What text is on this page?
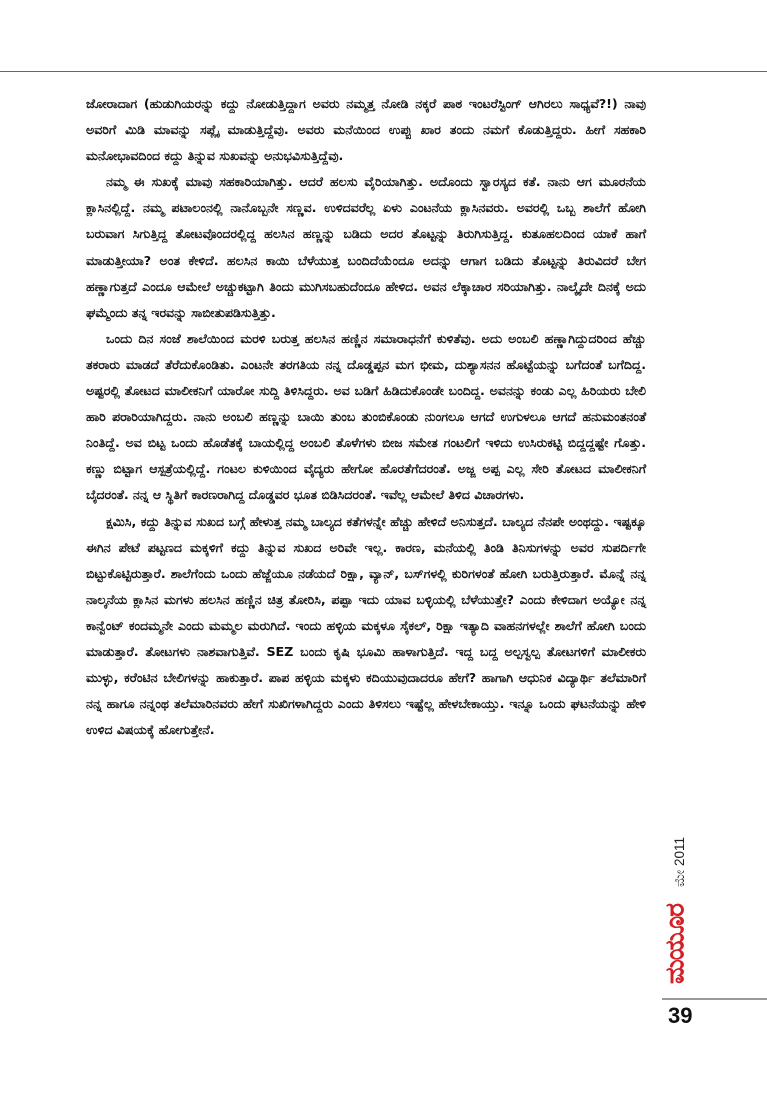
ಜೋರಾದಾಗ (ಹುಡುಗಿಯರನ್ನು ಕದ್ದು ನೋಡುತ್ತಿದ್ದಾಗ ಅವರು ನಮ್ಮತ್ತ ನೋಡಿ ನಕ್ಕರೆ ಪಾಠ ಇಂಟರೆಸ್ಟಿಂಗ್ ಆಗಿರಲು ಸಾಧ್ಯವೆ?!) ನಾವು ಅವರಿಗೆ ಮಿಡಿ ಮಾವನ್ನು ಸಪ್ಲೈ ಮಾಡುತ್ತಿದ್ದೆವು. ಅವರು ಮನೆಯಿಂದ ಉಪ್ಪು ಖಾರ ತಂದು ನಮಗೆ ಕೊಡುತ್ತಿದ್ದರು. ಹೀಗೆ ಸಹಕಾರಿ ಮನೋಭಾವದಿಂದ ಕದ್ದು ತಿನ್ನುವ ಸುಖವನ್ನು ಅನುಭವಿಸುತ್ತಿದ್ದೆವು.

ನಮ್ಮ ಈ ಸುಖಕ್ಕೆ ಮಾವು ಸಹಕಾರಿಯಾಗಿತ್ತು. ಆದರೆ ಹಲಸು ವೈರಿಯಾಗಿತ್ತು. ಅದೊಂದು ಸ್ವಾರಸ್ಯದ ಕತೆ. ನಾನು ಆಗ ಮೂರನೆಯ ಕ್ಲಾಸಿನಲ್ಲಿದ್ದೆ. ನಮ್ಮ ಪಟಾಲಂನಲ್ಲಿ ನಾನೊಬ್ಬನೇ ಸಣ್ಣವ. ಉಳಿದವರೆಲ್ಲ ಏಳು ಎಂಟನೆಯ ಕ್ಲಾಸಿನವರು. ಅವರಲ್ಲಿ ಒಬ್ಬ ಶಾಲೆಗೆ ಹೋಗಿ ಬರುವಾಗ ಸಿಗುತ್ತಿದ್ದ ತೋಟವೊಂದರಲ್ಲಿದ್ದ ಹಲಸಿನ ಹಣ್ಣನ್ನು ಬಡಿದು ಅದರ ತೊಟ್ಟನ್ನು ತಿರುಗಿಸುತ್ತಿದ್ದ. ಕುತೂಹಲದಿಂದ ಯಾಕೆ ಹಾಗೆ ಮಾಡುತ್ತೀಯಾ? ಅಂತ ಕೇಳಿದೆ. ಹಲಸಿನ ಕಾಯಿ ಬೆಳೆಯುತ್ತ ಬಂದಿದೆಯೆಂದೂ ಅದನ್ನು ಆಗಾಗ ಬಡಿದು ತೊಟ್ಟನ್ನು ತಿರುವಿದರೆ ಬೇಗ ಹಣ್ಣಾಗುತ್ತದೆ ಎಂದೂ ಆಮೇಲೆ ಅಚ್ಚುಕಟ್ಟಾಗಿ ತಿಂದು ಮುಗಿಸಬಹುದೆಂದೂ ಹೇಳಿದ. ಅವನ ಲೆಕ್ಕಾಚಾರ ಸರಿಯಾಗಿತ್ತು. ನಾಲ್ಕೈದೇ ದಿನಕ್ಕೆ ಅದು ಘಮ್ಮೆಂದು ತನ್ನ ಇರವನ್ನು ಸಾಬೀತುಪಡಿಸುತ್ತಿತ್ತು.

ಒಂದು ದಿನ ಸಂಜೆ ಶಾಲೆಯಿಂದ ಮರಳಿ ಬರುತ್ತ ಹಲಸಿನ ಹಣ್ಣಿನ ಸಮಾರಾಧನೆಗೆ ಕುಳಿತೆವು. ಅದು ಅಂಬಲಿ ಹಣ್ಣಾಗಿದ್ದುದರಿಂದ ಹೆಚ್ಚು ತಕರಾರು ಮಾಡದೆ ತೆರೆದುಕೊಂಡಿತು. ಎಂಟನೇ ತರಗತಿಯ ನನ್ನ ದೊಡ್ಡಪ್ಪನ ಮಗ ಭೀಮ, ದುಶ್ಯಾಸನನ ಹೊಟ್ಟೆಯನ್ನು ಬಗೆದಂತೆ ಬಗೆದಿದ್ದ. ಅಷ್ಟರಲ್ಲಿ ತೋಟದ ಮಾಲೀಕನಿಗೆ ಯಾರೋ ಸುದ್ದಿ ತಿಳಿಸಿದ್ದರು. ಅವ ಬಡಿಗೆ ಹಿಡಿದುಕೊಂಡೇ ಬಂದಿದ್ದ. ಅವನನ್ನು ಕಂಡು ಎಲ್ಲ ಹಿರಿಯರು ಬೇಲಿ ಹಾರಿ ಪರಾರಿಯಾಗಿದ್ದರು. ನಾನು ಅಂಬಲಿ ಹಣ್ಣನ್ನು ಬಾಯಿ ತುಂಬ ತುಂಬಿಕೊಂಡು ನುಂಗಲೂ ಆಗದೆ ಉಗುಳಲೂ ಆಗದೆ ಹನುಮಂತನಂತೆ ನಿಂತಿದ್ದೆ. ಅವ ಬಿಟ್ಟ ಒಂದು ಹೊಡೆತಕ್ಕೆ ಬಾಯಲ್ಲಿದ್ದ ಅಂಬಲಿ ತೊಳೆಗಳು ಬೀಜ ಸಮೇತ ಗಂಟಲಿಗೆ ಇಳಿದು ಉಸಿರುಕಟ್ಟಿ ಬಿದ್ದದ್ದಷ್ಟೇ ಗೊತ್ತು. ಕಣ್ಣು ಬಿಟ್ಟಾಗ ಆಸ್ಪತ್ರೆಯಲ್ಲಿದ್ದೆ. ಗಂಟಲ ಕುಳಿಯಿಂದ ವೈದ್ಯರು ಹೇಗೋ ಹೊರತೆಗೆದರಂತೆ. ಅಜ್ಜ ಅಪ್ಪ ಎಲ್ಲ ಸೇರಿ ತೋಟದ ಮಾಲೀಕನಿಗೆ ಬೈದರಂತೆ. ನನ್ನ ಆ ಸ್ಥಿತಿಗೆ ಕಾರಣರಾಗಿದ್ದ ದೊಡ್ಡವರ ಭೂತ ಬಿಡಿಸಿದರಂತೆ. ಇವೆಲ್ಲ ಆಮೇಲೆ ತಿಳಿದ ವಿಚಾರಗಳು.

ಕ್ಷಮಿಸಿ, ಕದ್ದು ತಿನ್ನುವ ಸುಖದ ಬಗ್ಗೆ ಹೇಳುತ್ತ ನಮ್ಮ ಬಾಲ್ಯದ ಕತೆಗಳನ್ನೇ ಹೆಚ್ಚು ಹೇಳಿದೆ ಅನಿಸುತ್ತದೆ. ಬಾಲ್ಯದ ನೆನಪೇ ಅಂಥದ್ದು. ಇಷ್ಟಕ್ಕೂ ಈಗಿನ ಪೇಟೆ ಪಟ್ಟಣದ ಮಕ್ಕಳಿಗೆ ಕದ್ದು ತಿನ್ನುವ ಸುಖದ ಅರಿವೇ ಇಲ್ಲ. ಕಾರಣ, ಮನೆಯಲ್ಲಿ ತಿಂಡಿ ತಿನಿಸುಗಳನ್ನು ಅವರ ಸುಪರ್ದಿಗೇ ಬಿಟ್ಟುಕೊಟ್ಟಿರುತ್ತಾರೆ. ಶಾಲೆಗೆಂದು ಒಂದು ಹೆಜ್ಜೆಯೂ ನಡೆಯದೆ ರಿಕ್ಷಾ, ವ್ಯಾನ್, ಬಸ್‌ಗಳಲ್ಲಿ ಕುರಿಗಳಂತೆ ಹೋಗಿ ಬರುತ್ತಿರುತ್ತಾರೆ. ಮೊನ್ನೆ ನನ್ನ ನಾಲ್ಕನೆಯ ಕ್ಲಾಸಿನ ಮಗಳು ಹಲಸಿನ ಹಣ್ಣಿನ ಚಿತ್ರ ತೋರಿಸಿ, ಪಪ್ಪಾ ಇದು ಯಾವ ಬಳ್ಳಿಯಲ್ಲಿ ಬೆಳೆಯುತ್ತೇ? ಎಂದು ಕೇಳಿದಾಗ ಅಯ್ಯೋ ನನ್ನ ಕಾನ್ವೆಂಟ್ ಕಂದಮ್ಮನೇ ಎಂದು ಮಮ್ಮಲ ಮರುಗಿದೆ. ಇಂದು ಹಳ್ಳಿಯ ಮಕ್ಕಳೂ ಸೈಕಲ್, ರಿಕ್ಷಾ ಇತ್ಯಾದಿ ವಾಹನಗಳಲ್ಲೇ ಶಾಲೆಗೆ ಹೋಗಿ ಬಂದು ಮಾಡುತ್ತಾರೆ. ತೋಟಗಳು ನಾಶವಾಗುತ್ತಿವೆ. SEZ ಬಂದು ಕೃಷಿ ಭೂಮಿ ಹಾಳಾಗುತ್ತಿದೆ. ಇದ್ದ ಬದ್ದ ಅಲ್ಪಸ್ವಲ್ಪ ತೋಟಗಳಿಗೆ ಮಾಲೀಕರು ಮುಳ್ಳು, ಕರೆಂಟಿನ ಬೇಲಿಗಳನ್ನು ಹಾಕುತ್ತಾರೆ. ಪಾಪ ಹಳ್ಳಿಯ ಮಕ್ಕಳು ಕದಿಯುವುದಾದರೂ ಹೇಗೆ? ಹಾಗಾಗಿ ಆಧುನಿಕ ವಿದ್ಯಾರ್ಥಿ ತಲೆಮಾರಿಗೆ ನನ್ನ ಹಾಗೂ ನನ್ನಂಥ ತಲೆಮಾರಿನವರು ಹೇಗೆ ಸುಖಿಗಳಾಗಿದ್ದರು ಎಂದು ತಿಳಿಸಲು ಇಷ್ಟೆಲ್ಲ ಹೇಳಬೇಕಾಯ್ತು. ಇನ್ನೂ ಒಂದು ಘಟನೆಯನ್ನು ಹೇಳಿ ಉಳಿದ ವಿಷಯಕ್ಕೆ ಹೋಗುತ್ತೇನೆ.

ಮೇ 2011
ಮಯೂರ
39
